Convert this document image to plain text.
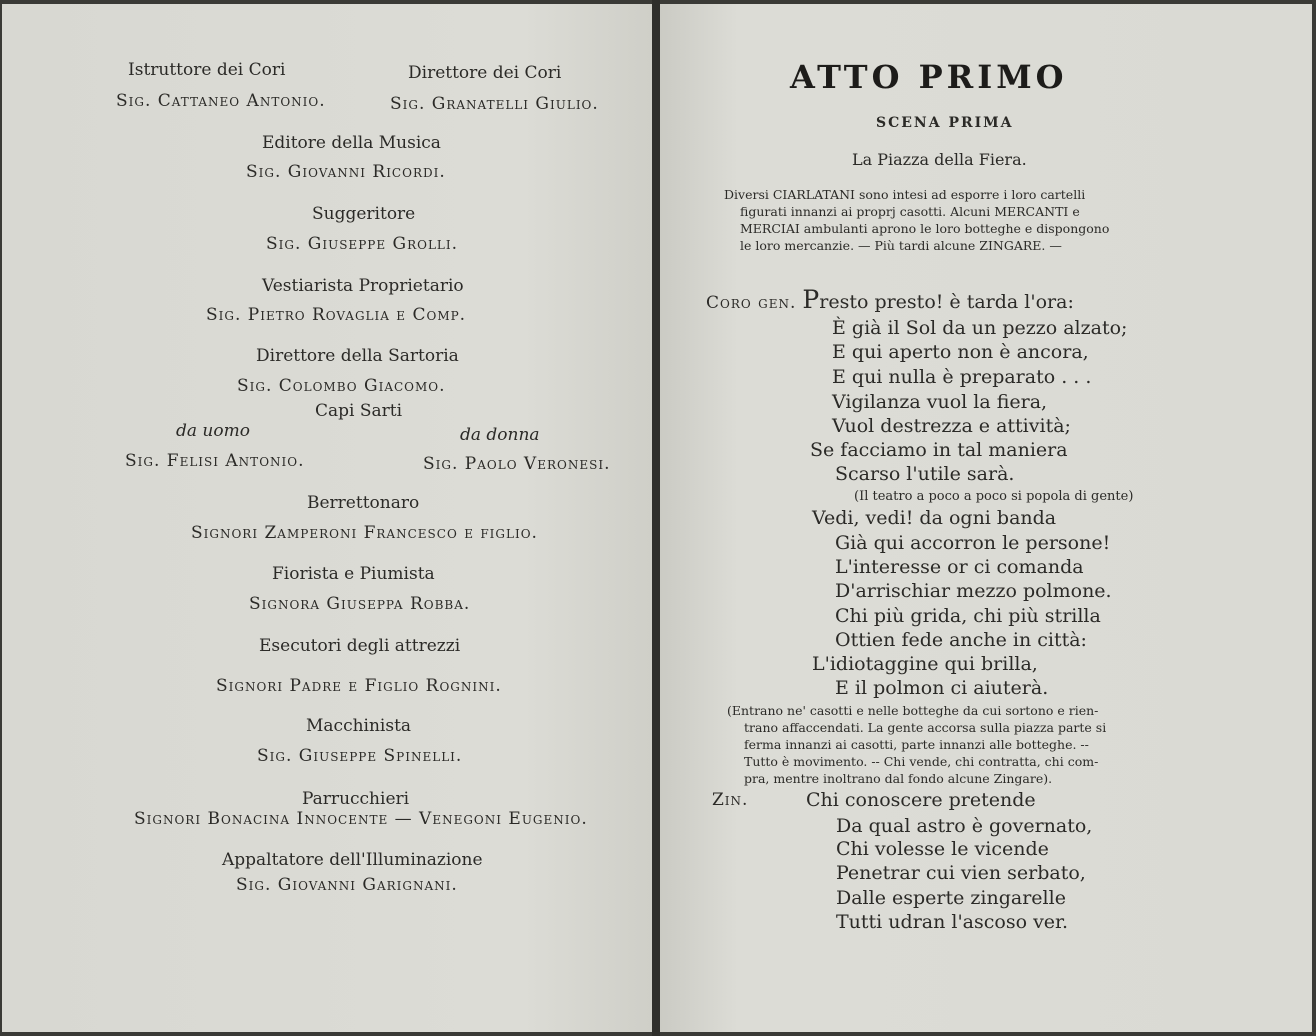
Istruttore dei Cori
Sig. Cattaneo Antonio.
Direttore dei Cori
Sig. Granatelli Giulio.
Editore della Musica
Sig. Giovanni Ricordi.
Suggeritore
Sig. Giuseppe Grolli.
Vestiarista Proprietario
Sig. Pietro Rovaglia e Comp.
Direttore della Sartoria
Sig. Colombo Giacomo.
Capi Sarti
da uomo	da donna
Sig. Felisi Antonio.	Sig. Paolo Veronesi.
Berrettonaro
Signori Zamperoni Francesco e figlio.
Fiorista e Piumista
Signora Giuseppa Robba.
Esecutori degli attrezzi
Signori Padre e Figlio Rognini.
Macchinista
Sig. Giuseppe Spinelli.
Parrucchieri
Signori Bonacina Innocente — Venegoni Eugenio.
Appaltatore dell'Illuminazione
Sig. Giovanni Garignani.
ATTO PRIMO
SCENA PRIMA
La Piazza della Fiera.
Diversi CIARLATANI sono intesi ad esporre i loro cartelli
figurati innanzi ai proprj casotti. Alcuni MERCANTI e
MERCIAI ambulanti aprono le loro botteghe e dispongono
le loro mercanzie. — Più tardi alcune ZINGARE. —
Coro gen. Presto presto! è tarda l'ora:
È già il Sol da un pezzo alzato;
E qui aperto non è ancora,
E qui nulla è preparato . . .
Vigilanza vuol la fiera,
Vuol destrezza e attività;
Se facciamo in tal maniera
Scarso l'utile sarà.
(Il teatro a poco a poco si popola di gente)
Vedi, vedi! da ogni banda
Già qui accorron le persone!
L'interesse or ci comanda
D'arrischiar mezzo polmone.
Chi più grida, chi più strilla
Ottien fede anche in città:
L'idiotaggine qui brilla,
E il polmon ci aiuterà.
(Entrano ne' casotti e nelle botteghe da cui sortono e rien-
trano affaccendati. La gente accorsa sulla piazza parte si
ferma innanzi ai casotti, parte innanzi alle botteghe. --
Tutto è movimento. -- Chi vende, chi contratta, chi com-
pra, mentre inoltrano dal fondo alcune Zingare).
Zin.	Chi conoscere pretende
Da qual astro è governato,
Chi volesse le vicende
Penetrar cui vien serbato,
Dalle esperte zingarelle
Tutti udran l'ascoso ver.
